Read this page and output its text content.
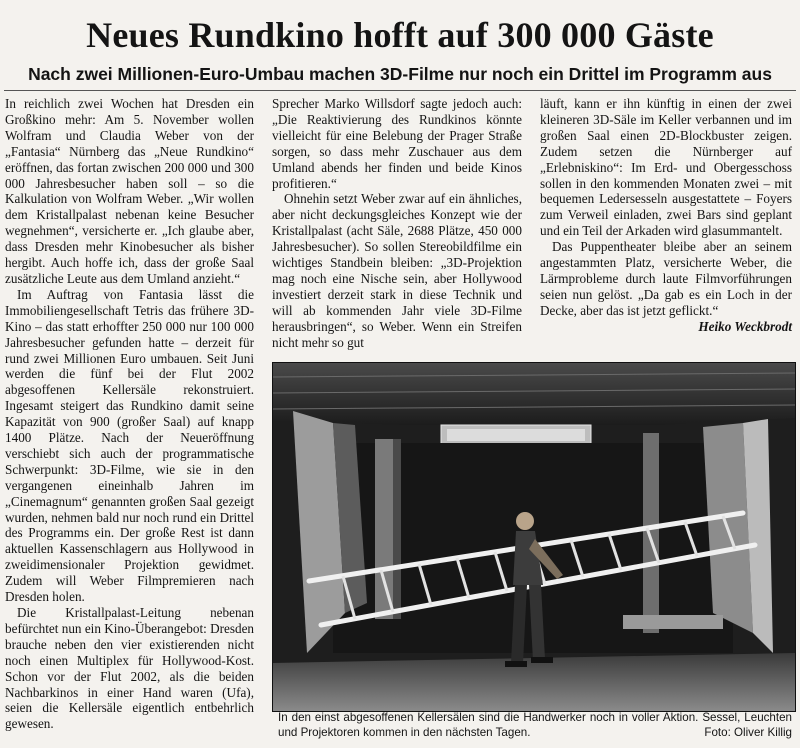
Neues Rundkino hofft auf 300 000 Gäste
Nach zwei Millionen-Euro-Umbau machen 3D-Filme nur noch ein Drittel im Programm aus

In reichlich zwei Wochen hat Dresden ein Großkino mehr: Am 5. November wollen Wolfram und Claudia Weber von der „Fantasia“ Nürnberg das „Neue Rundkino“ eröffnen, das fortan zwischen 200 000 und 300 000 Jahresbesucher haben soll – so die Kalkulation von Wolfram Weber. „Wir wollen dem Kristallpalast nebenan keine Besucher wegnehmen“, versicherte er. „Ich glaube aber, dass Dresden mehr Kinobesucher als bisher hergibt. Auch hoffe ich, dass der große Saal zusätzliche Leute aus dem Umland anzieht.“

Im Auftrag von Fantasia lässt die Immobiliengesellschaft Tetris das frühere 3D-Kino – das statt erhoffter 250 000 nur 100 000 Jahresbesucher gefunden hatte – derzeit für rund zwei Millionen Euro umbauen. Seit Juni werden die fünf bei der Flut 2002 abgesoffenen Kellersäle rekonstruiert. Ingesamt steigert das Rundkino damit seine Kapazität von 900 (großer Saal) auf knapp 1400 Plätze. Nach der Neueröffnung verschiebt sich auch der programmatische Schwerpunkt: 3D-Filme, wie sie in den vergangenen eineinhalb Jahren im „Cinemagnum“ genannten großen Saal gezeigt wurden, nehmen bald nur noch rund ein Drittel des Programms ein. Der große Rest ist dann aktuellen Kassenschlagern aus Hollywood in zweidimensionaler Projektion gewidmet. Zudem will Weber Filmpremieren nach Dresden holen.

Die Kristallpalast-Leitung nebenan befürchtet nun ein Kino-Überangebot: Dresden brauche neben den vier existierenden nicht noch einen Multiplex für Hollywood-Kost. Schon vor der Flut 2002, als die beiden Nachbarkinos in einer Hand waren (Ufa), seien die Kellersäle eigentlich entbehrlich gewesen.

Sprecher Marko Willsdorf sagte jedoch auch: „Die Reaktivierung des Rundkinos könnte vielleicht für eine Belebung der Prager Straße sorgen, so dass mehr Zuschauer aus dem Umland abends her finden und beide Kinos profitieren.“

Ohnehin setzt Weber zwar auf ein ähnliches, aber nicht deckungsgleiches Konzept wie der Kristallpalast (acht Säle, 2688 Plätze, 450 000 Jahresbesucher). So sollen Stereobildfilme ein wichtiges Standbein bleiben: „3D-Projektion mag noch eine Nische sein, aber Hollywood investiert derzeit stark in diese Technik und will ab kommenden Jahr viele 3D-Filme herausbringen“, so Weber. Wenn ein Streifen nicht mehr so gut

läuft, kann er ihn künftig in einen der zwei kleineren 3D-Säle im Keller verbannen und im großen Saal einen 2D-Blockbuster zeigen. Zudem setzen die Nürnberger auf „Erlebniskino“: Im Erd- und Obergesschoss sollen in den kommenden Monaten zwei – mit bequemen Ledersesseln ausgestattete – Foyers zum Verweil einladen, zwei Bars sind geplant und ein Teil der Arkaden wird glasummantelt.

Das Puppentheater bleibe aber an seinem angestammten Platz, versicherte Weber, die Lärmprobleme durch laute Filmvorführungen seien nun gelöst. „Da gab es ein Loch in der Decke, aber das ist jetzt geflickt.“

Heiko Weckbrodt

In den einst abgesoffenen Kellersälen sind die Handwerker noch in voller Aktion. Sessel, Leuchten und Projektoren kommen in den nächsten Tagen.	Foto: Oliver Killig
